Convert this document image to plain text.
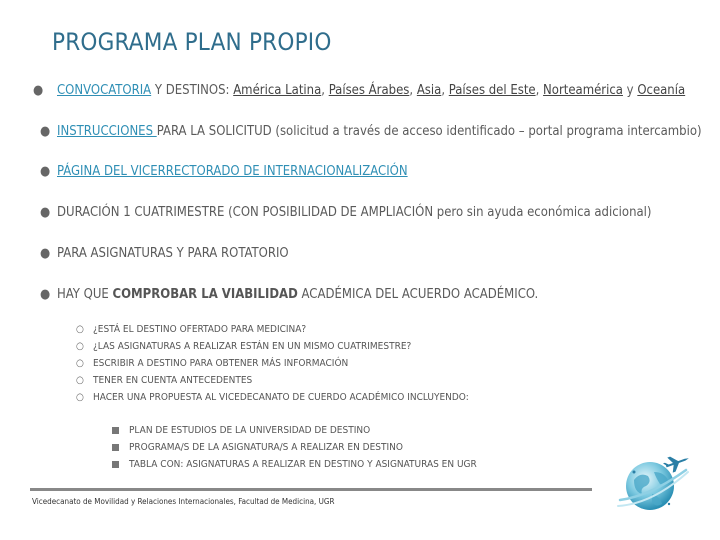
PROGRAMA PLAN PROPIO
● CONVOCATORIA Y DESTINOS: América Latina, Países Árabes, Asia, Países del Este, Norteamérica y Oceanía
● INSTRUCCIONES PARA LA SOLICITUD (solicitud a través de acceso identificado – portal programa intercambio)
● PÁGINA DEL VICERRECTORADO DE INTERNACIONALIZACIÓN
● DURACIÓN 1 CUATRIMESTRE (CON POSIBILIDAD DE AMPLIACIÓN pero sin ayuda económica adicional)
● PARA ASIGNATURAS Y PARA ROTATORIO
● HAY QUE COMPROBAR LA VIABILIDAD ACADÉMICA DEL ACUERDO ACADÉMICO.
○ ¿ESTÁ EL DESTINO OFERTADO PARA MEDICINA?
○ ¿LAS ASIGNATURAS A REALIZAR ESTÁN EN UN MISMO CUATRIMESTRE?
○ ESCRIBIR A DESTINO PARA OBTENER MÁS INFORMACIÓN
○ TENER EN CUENTA ANTECEDENTES
○ HACER UNA PROPUESTA AL VICEDECANATO DE CUERDO ACADÉMICO INCLUYENDO:
PLAN DE ESTUDIOS DE LA UNIVERSIDAD DE DESTINO
PROGRAMA/S DE LA ASIGNATURA/S A REALIZAR EN DESTINO
TABLA CON: ASIGNATURAS A REALIZAR EN DESTINO Y ASIGNATURAS EN UGR
Vicedecanato de Movilidad y Relaciones Internacionales, Facultad de Medicina, UGR
